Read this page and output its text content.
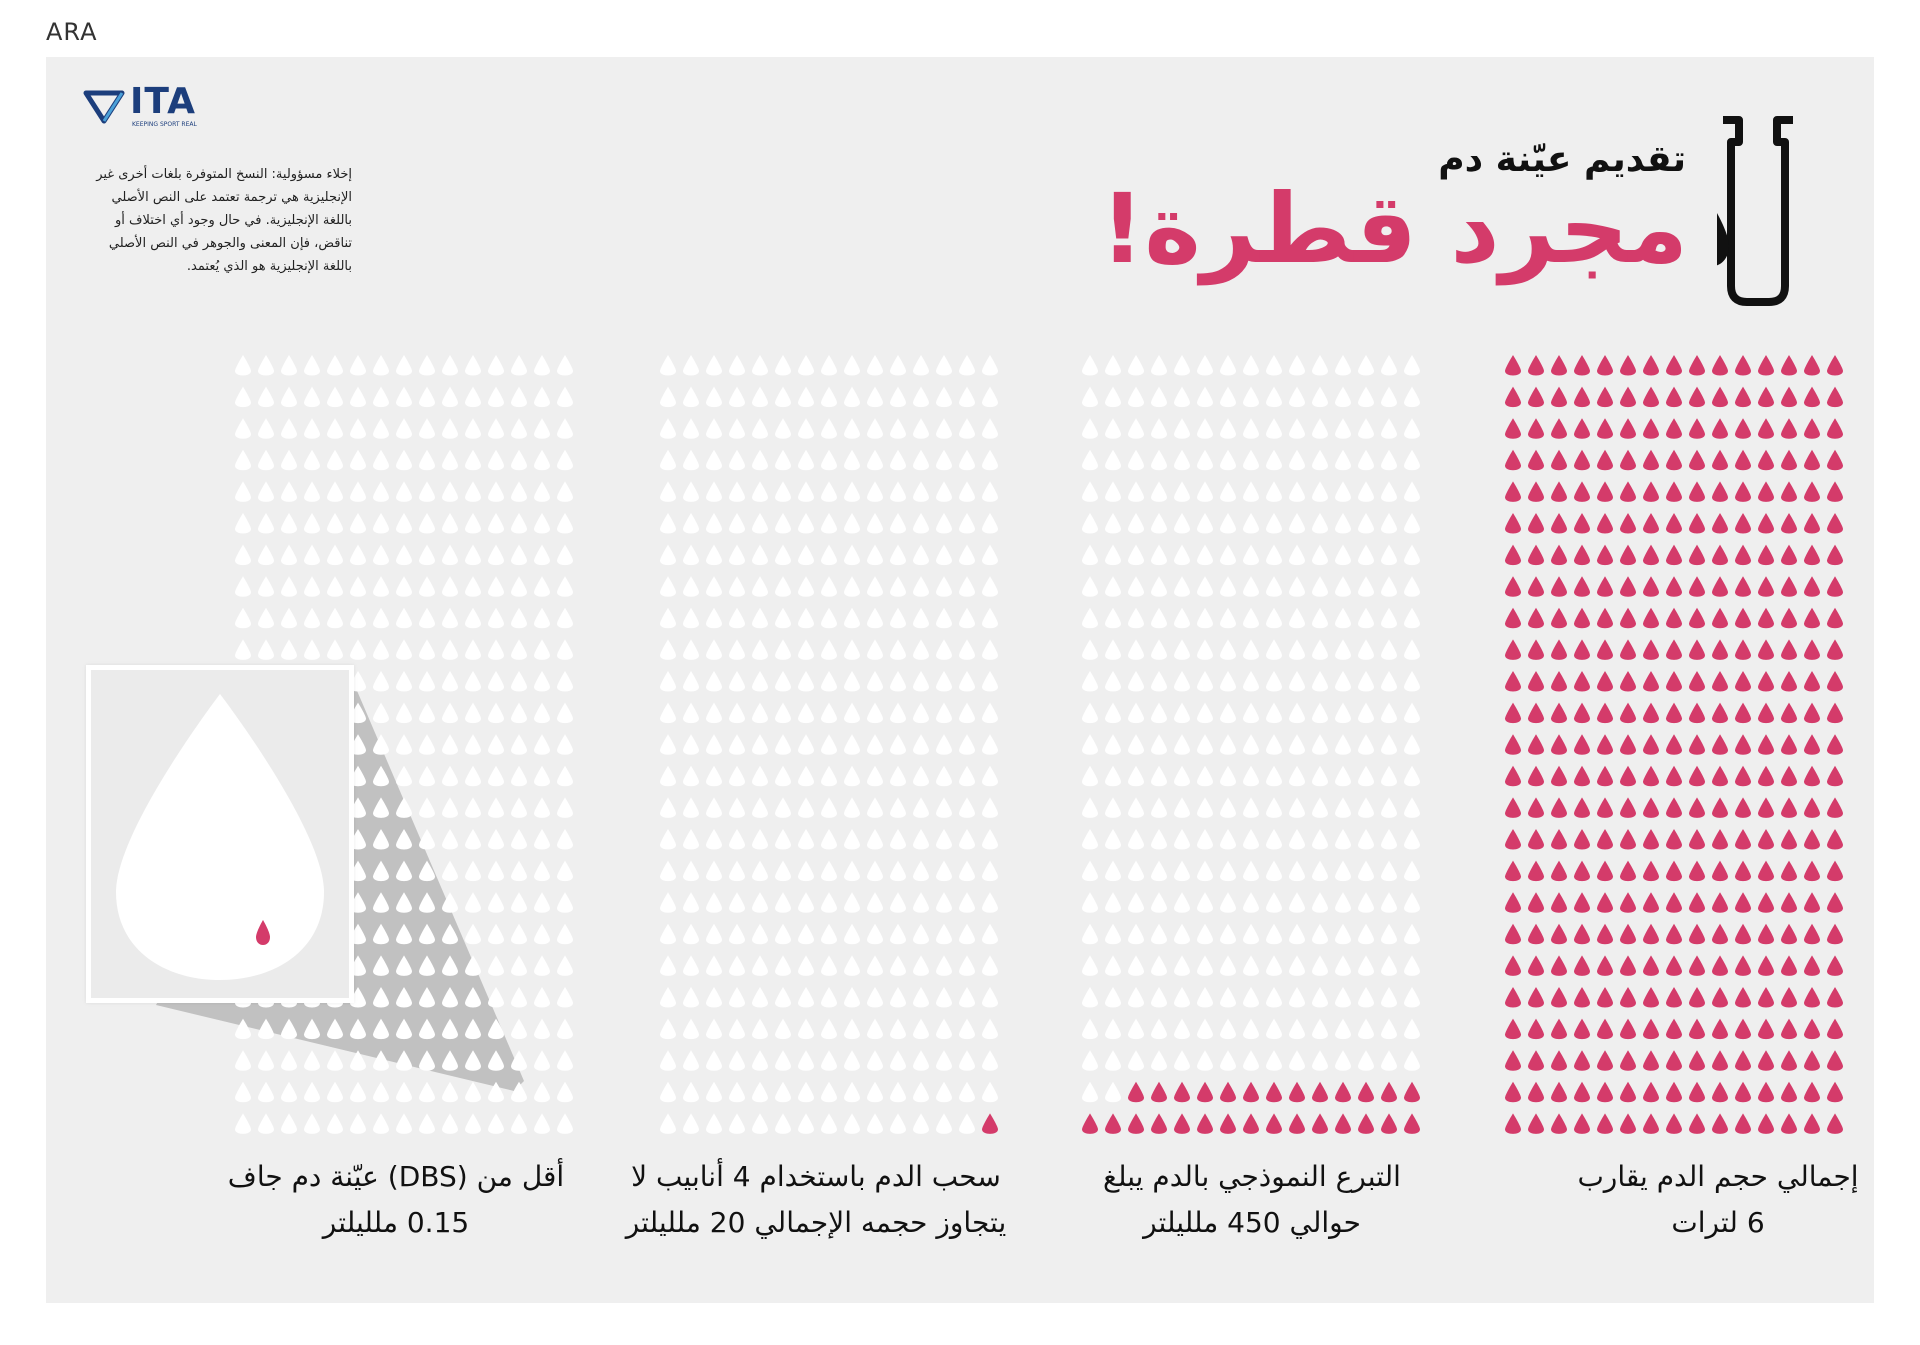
ARA
ITA
KEEPING SPORT REAL
إخلاء مسؤولية: النسخ المتوفرة بلغات أخرى غير الإنجليزية هي ترجمة تعتمد على النص الأصلي باللغة الإنجليزية. في حال وجود أي اختلاف أو تناقض، فإن المعنى والجوهر في النص الأصلي باللغة الإنجليزية هو الذي يُعتمد.
تقديم عيّنة دم
مجرد قطرة!
إجمالي حجم الدم يقارب
6 لترات
التبرع النموذجي بالدم يبلغ
حوالي 450 ملليلتر
سحب الدم باستخدام 4 أنابيب لا
يتجاوز حجمه الإجمالي 20 ملليلتر
أقل من (DBS) عيّنة دم جاف
0.15 ملليلتر
